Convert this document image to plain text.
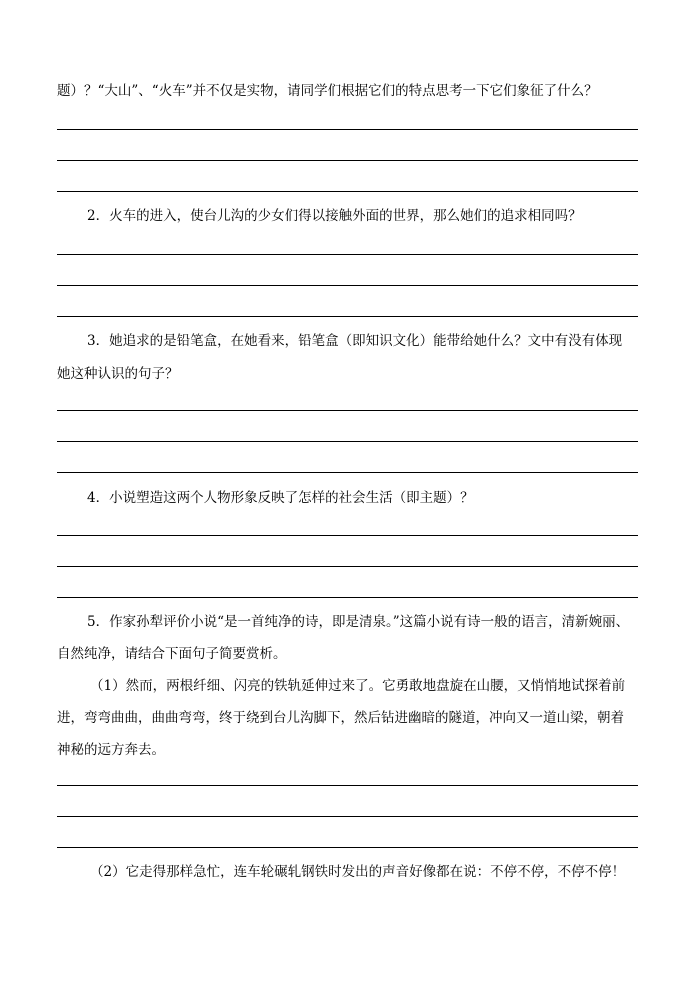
题）？“大山”、“火车”并不仅是实物，请同学们根据它们的特点思考一下它们象征了什么？
2．火车的进入，使台儿沟的少女们得以接触外面的世界，那么她们的追求相同吗？
3．她追求的是铅笔盒，在她看来，铅笔盒（即知识文化）能带给她什么？文中有没有体现
她这种认识的句子？
4．小说塑造这两个人物形象反映了怎样的社会生活（即主题）？
5．作家孙犁评价小说“是一首纯净的诗，即是清泉。”这篇小说有诗一般的语言，清新婉丽、
自然纯净，请结合下面句子简要赏析。
（1）然而，两根纤细、闪亮的铁轨延伸过来了。它勇敢地盘旋在山腰，又悄悄地试探着前
进，弯弯曲曲，曲曲弯弯，终于绕到台儿沟脚下，然后钻进幽暗的隧道，冲向又一道山梁，朝着
神秘的远方奔去。
（2）它走得那样急忙，连车轮碾轧钢铁时发出的声音好像都在说：不停不停，不停不停！
